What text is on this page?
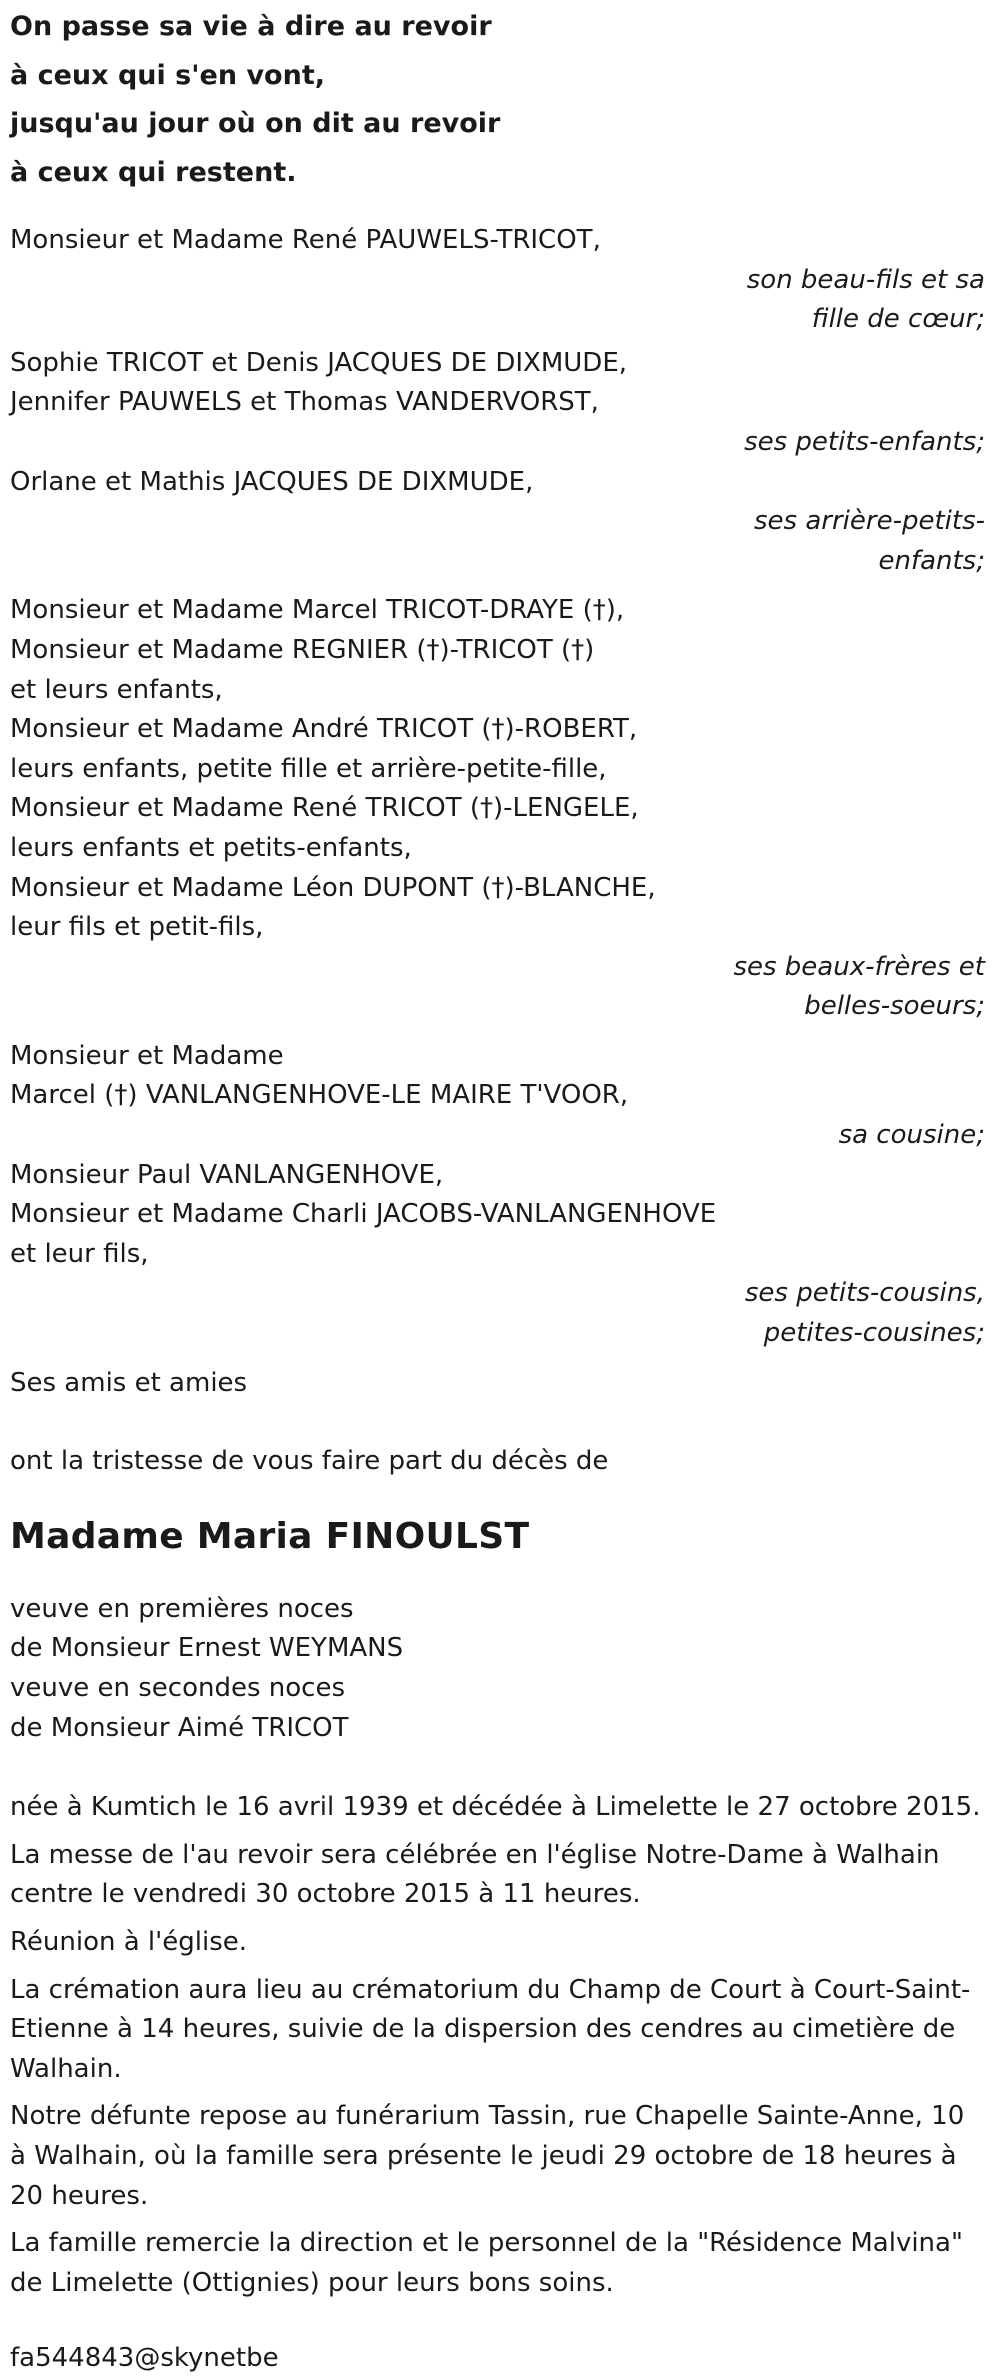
On passe sa vie à dire au revoir
à ceux qui s'en vont,
jusqu'au jour où on dit au revoir
à ceux qui restent.
Monsieur et Madame René PAUWELS-TRICOT,
son beau-fils et sa
fille de cœur;
Sophie TRICOT et Denis JACQUES DE DIXMUDE,
Jennifer PAUWELS et Thomas VANDERVORST,
ses petits-enfants;
Orlane et Mathis JACQUES DE DIXMUDE,
ses arrière-petits-
enfants;
Monsieur et Madame Marcel TRICOT-DRAYE (†),
Monsieur et Madame REGNIER (†)-TRICOT (†)
et leurs enfants,
Monsieur et Madame André TRICOT (†)-ROBERT,
leurs enfants, petite fille et arrière-petite-fille,
Monsieur et Madame René TRICOT (†)-LENGELE,
leurs enfants et petits-enfants,
Monsieur et Madame Léon DUPONT (†)-BLANCHE,
leur fils et petit-fils,
ses beaux-frères et
belles-soeurs;
Monsieur et Madame
Marcel (†) VANLANGENHOVE-LE MAIRE T'VOOR,
sa cousine;
Monsieur Paul VANLANGENHOVE,
Monsieur et Madame Charli JACOBS-VANLANGENHOVE
et leur fils,
ses petits-cousins,
petites-cousines;
Ses amis et amies
ont la tristesse de vous faire part du décès de
Madame Maria FINOULST
veuve en premières noces
de Monsieur Ernest WEYMANS
veuve en secondes noces
de Monsieur Aimé TRICOT
née à Kumtich le 16 avril 1939 et décédée à Limelette le 27 octobre 2015.
La messe de l'au revoir sera célébrée en l'église Notre-Dame à Walhain centre le vendredi 30 octobre 2015 à 11 heures.
Réunion à l'église.
La crémation aura lieu au crématorium du Champ de Court à Court-Saint-Etienne à 14 heures, suivie de la dispersion des cendres au cimetière de Walhain.
Notre défunte repose au funérarium Tassin, rue Chapelle Sainte-Anne, 10 à Walhain, où la famille sera présente le jeudi 29 octobre de 18 heures à 20 heures.
La famille remercie la direction et le personnel de la "Résidence Malvina" de Limelette (Ottignies) pour leurs bons soins.
fa544843@skynetbe
